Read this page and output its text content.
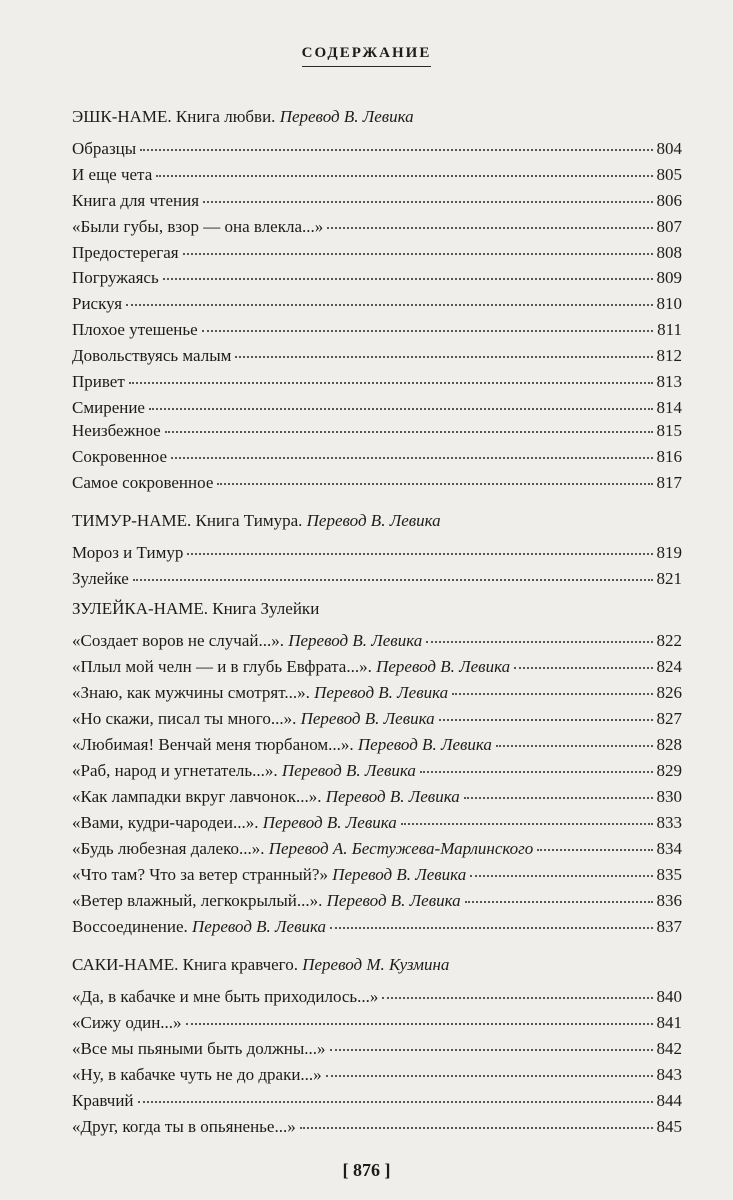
СОДЕРЖАНИЕ
ЭШК-НАМЕ. Книга любви. Перевод В. Левика
Образцы	804
И еще чета	805
Книга для чтения	806
«Были губы, взор — она влекла...»	807
Предостерегая	808
Погружаясь	809
Рискуя	810
Плохое утешенье	811
Довольствуясь малым	812
Привет	813
Смирение	814
Неизбежное	815
Сокровенное	816
Самое сокровенное	817
ТИМУР-НАМЕ. Книга Тимура. Перевод В. Левика
Мороз и Тимур	819
Зулейке	821
ЗУЛЕЙКА-НАМЕ. Книга Зулейки
«Создает воров не случай...». Перевод В. Левика	822
«Плыл мой челн — и в глубь Евфрата...». Перевод В. Левика	824
«Знаю, как мужчины смотрят...». Перевод В. Левика	826
«Но скажи, писал ты много...». Перевод В. Левика	827
«Любимая! Венчай меня тюрбаном...». Перевод В. Левика	828
«Раб, народ и угнетатель...». Перевод В. Левика	829
«Как лампадки вкруг лавчонок...». Перевод В. Левика	830
«Вами, кудри-чародеи...». Перевод В. Левика	833
«Будь любезная далеко...». Перевод А. Бестужева-Марлинского	834
«Что там? Что за ветер странный?» Перевод В. Левика	835
«Ветер влажный, легкокрылый...». Перевод В. Левика	836
Воссоединение. Перевод В. Левика	837
САКИ-НАМЕ. Книга кравчего. Перевод М. Кузмина
«Да, в кабачке и мне быть приходилось...»	840
«Сижу один...»	841
«Все мы пьяными быть должны...»	842
«Ну, в кабачке чуть не до драки...»	843
Кравчий	844
«Друг, когда ты в опьяненье...»	845
[ 876 ]
